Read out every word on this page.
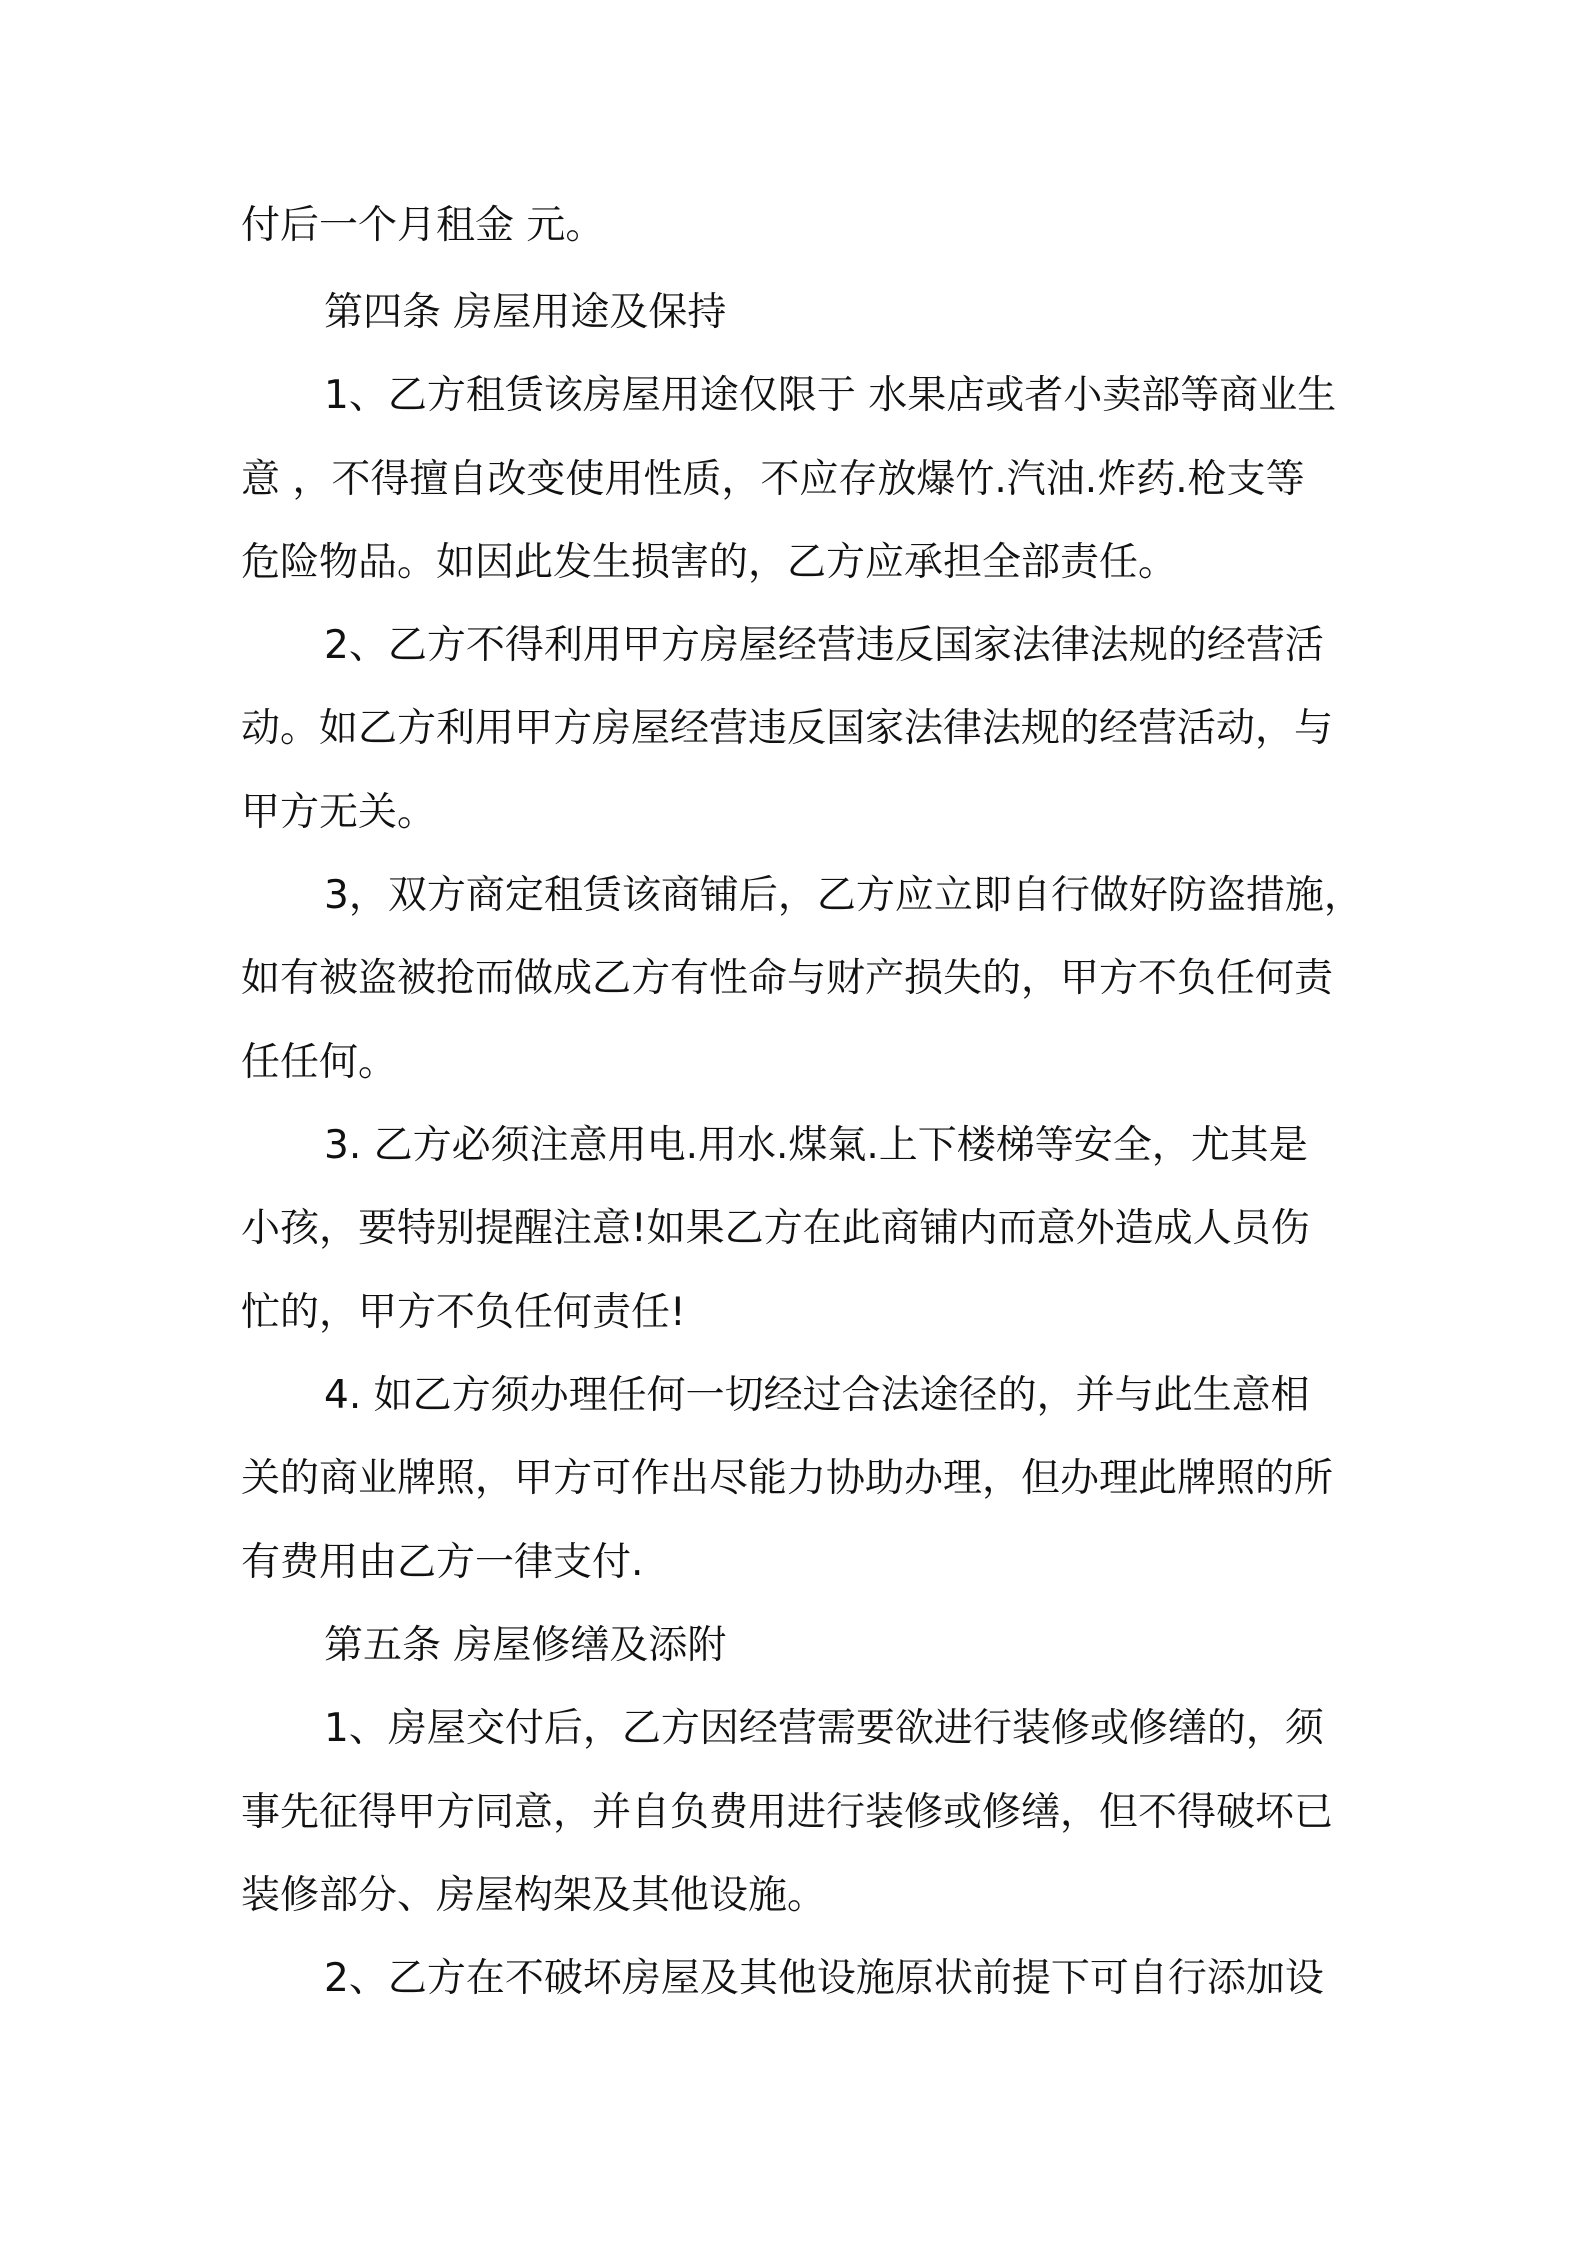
付后一个月租金 元。
第四条 房屋用途及保持
1、乙方租赁该房屋用途仅限于 水果店或者小卖部等商业生
意 ，不得擅自改变使用性质，不应存放爆竹.汽油.炸药.枪支等
危险物品。如因此发生损害的，乙方应承担全部责任。
2、乙方不得利用甲方房屋经营违反国家法律法规的经营活
动。如乙方利用甲方房屋经营违反国家法律法规的经营活动，与
甲方无关。
3，双方商定租赁该商铺后，乙方应立即自行做好防盗措施，
如有被盗被抢而做成乙方有性命与财产损失的，甲方不负任何责
任任何。
3. 乙方必须注意用电.用水.煤氣.上下楼梯等安全，尤其是
小孩，要特别提醒注意!如果乙方在此商铺内而意外造成人员伤
忙的，甲方不负任何责任!
4. 如乙方须办理任何一切经过合法途径的，并与此生意相
关的商业牌照，甲方可作出尽能力协助办理，但办理此牌照的所
有费用由乙方一律支付.
第五条 房屋修缮及添附
1、房屋交付后，乙方因经营需要欲进行装修或修缮的，须
事先征得甲方同意，并自负费用进行装修或修缮，但不得破坏已
装修部分、房屋构架及其他设施。
2、乙方在不破坏房屋及其他设施原状前提下可自行添加设
